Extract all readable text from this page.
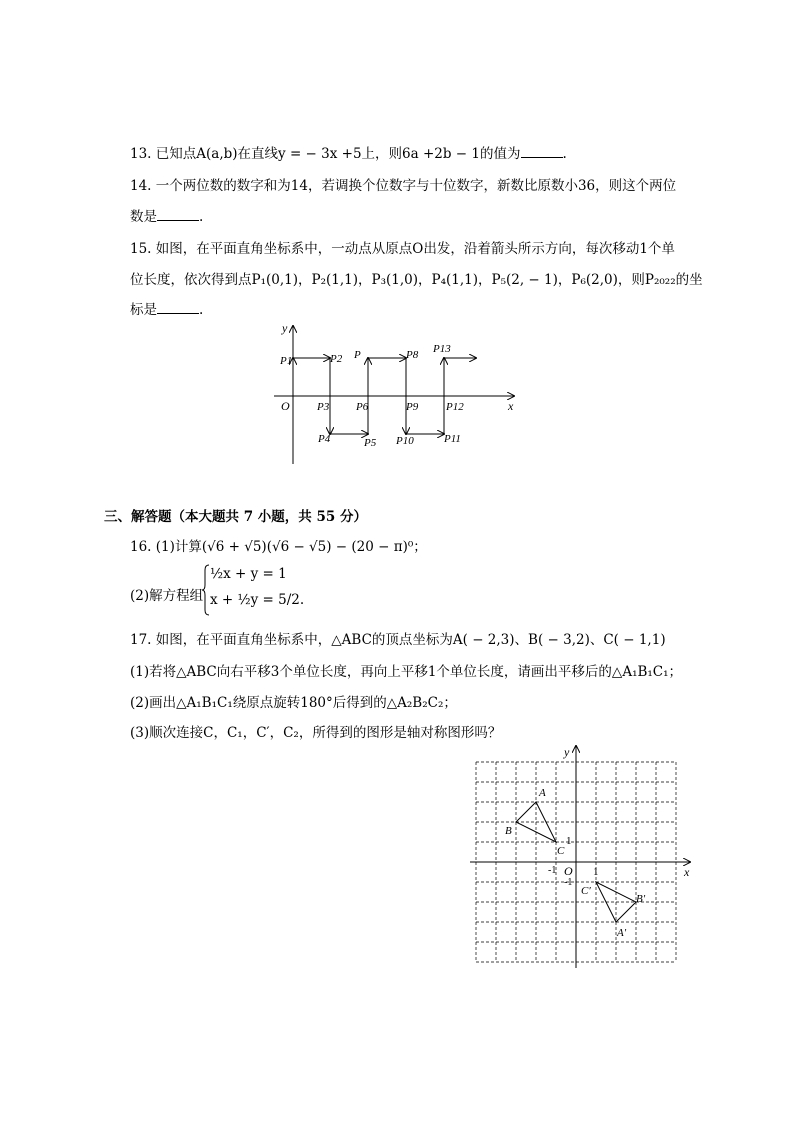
13. 已知点A(a,b)在直线y = − 3x +5上，则6a +2b − 1的值为	.
14. 一个两位数的数字和为14，若调换个位数字与十位数字，新数比原数小36，则这个两位
数是	.
15. 如图，在平面直角坐标系中，一动点从原点O出发，沿着箭头所示方向，每次移动1个单
位长度，依次得到点P₁(0,1)，P₂(1,1)，P₃(1,0)，P₄(1,1)，P₅(2, − 1)，P₆(2,0)，则P₂₀₂₂的坐
标是	.
x
y
O
P1	P2
P3
P4	P5
P6
P8
P9
P10	P11
P12
P13
P
三、解答题（本大题共 7 小题，共 55 分）
16. (1)计算(√6 + √5)(√6 − √5) − (20 − π)⁰；
(2)解方程组
½x + y = 1
x + ½y = 5/2.
17. 如图，在平面直角坐标系中，△ABC的顶点坐标为A( − 2,3)、B( − 3,2)、C( − 1,1)
(1)若将△ABC向右平移3个单位长度，再向上平移1个单位长度，请画出平移后的△A₁B₁C₁；
(2)画出△A₁B₁C₁绕原点旋转180°后得到的△A₂B₂C₂；
(3)顺次连接C，C₁，C′，C₂，所得到的图形是轴对称图形吗？
x
y
O 1
-1
1
-1
A
B
C
A′
B′
C′
